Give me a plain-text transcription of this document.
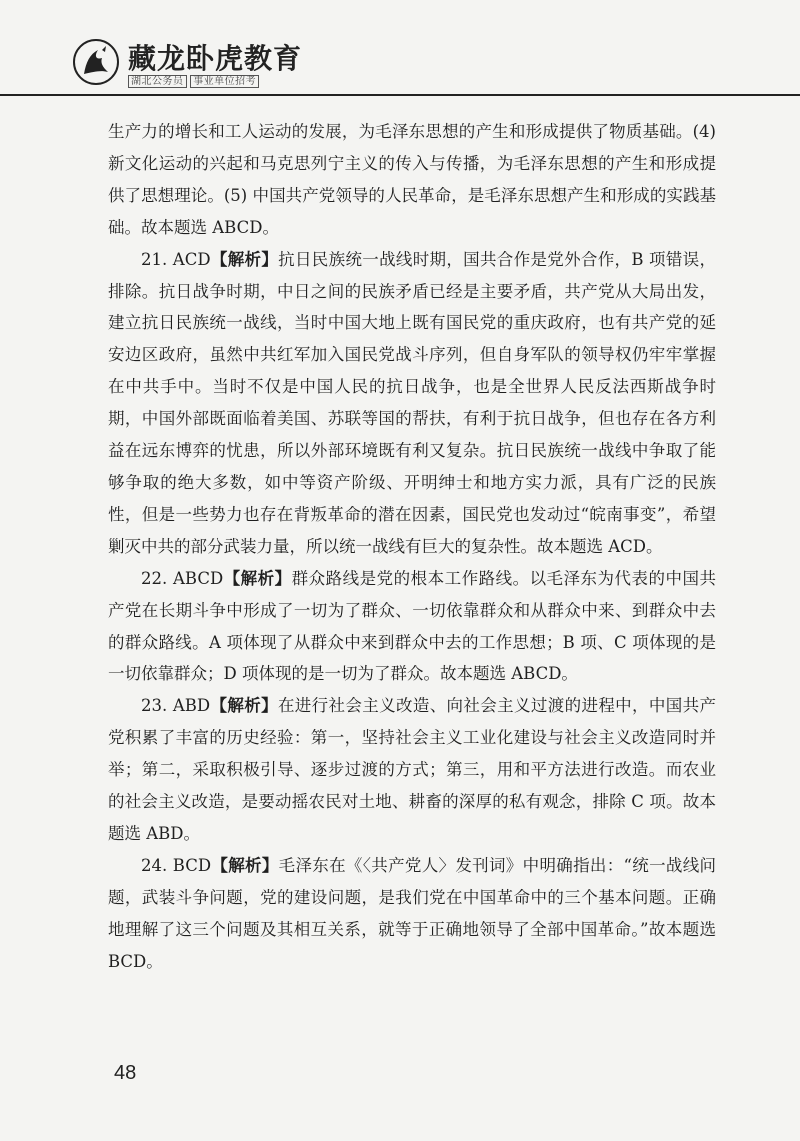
藏龙卧虎教育
湖北公务员 事业单位招考

生产力的增长和工人运动的发展，为毛泽东思想的产生和形成提供了物质基础。(4) 新文化运动的兴起和马克思列宁主义的传入与传播，为毛泽东思想的产生和形成提供了思想理论。(5) 中国共产党领导的人民革命，是毛泽东思想产生和形成的实践基础。故本题选 ABCD。

21. ACD【解析】抗日民族统一战线时期，国共合作是党外合作，B 项错误，排除。抗日战争时期，中日之间的民族矛盾已经是主要矛盾，共产党从大局出发，建立抗日民族统一战线，当时中国大地上既有国民党的重庆政府，也有共产党的延安边区政府，虽然中共红军加入国民党战斗序列，但自身军队的领导权仍牢牢掌握在中共手中。当时不仅是中国人民的抗日战争，也是全世界人民反法西斯战争时期，中国外部既面临着美国、苏联等国的帮扶，有利于抗日战争，但也存在各方利益在远东博弈的忧患，所以外部环境既有利又复杂。抗日民族统一战线中争取了能够争取的绝大多数，如中等资产阶级、开明绅士和地方实力派，具有广泛的民族性，但是一些势力也存在背叛革命的潜在因素，国民党也发动过“皖南事变”，希望剿灭中共的部分武装力量，所以统一战线有巨大的复杂性。故本题选 ACD。

22. ABCD【解析】群众路线是党的根本工作路线。以毛泽东为代表的中国共产党在长期斗争中形成了一切为了群众、一切依靠群众和从群众中来、到群众中去的群众路线。A 项体现了从群众中来到群众中去的工作思想；B 项、C 项体现的是一切依靠群众；D 项体现的是一切为了群众。故本题选 ABCD。

23. ABD【解析】在进行社会主义改造、向社会主义过渡的进程中，中国共产党积累了丰富的历史经验：第一，坚持社会主义工业化建设与社会主义改造同时并举；第二，采取积极引导、逐步过渡的方式；第三，用和平方法进行改造。而农业的社会主义改造，是要动摇农民对土地、耕畜的深厚的私有观念，排除 C 项。故本题选 ABD。

24. BCD【解析】毛泽东在《〈共产党人〉发刊词》中明确指出：“统一战线问题，武装斗争问题，党的建设问题，是我们党在中国革命中的三个基本问题。正确地理解了这三个问题及其相互关系，就等于正确地领导了全部中国革命。”故本题选 BCD。

48
